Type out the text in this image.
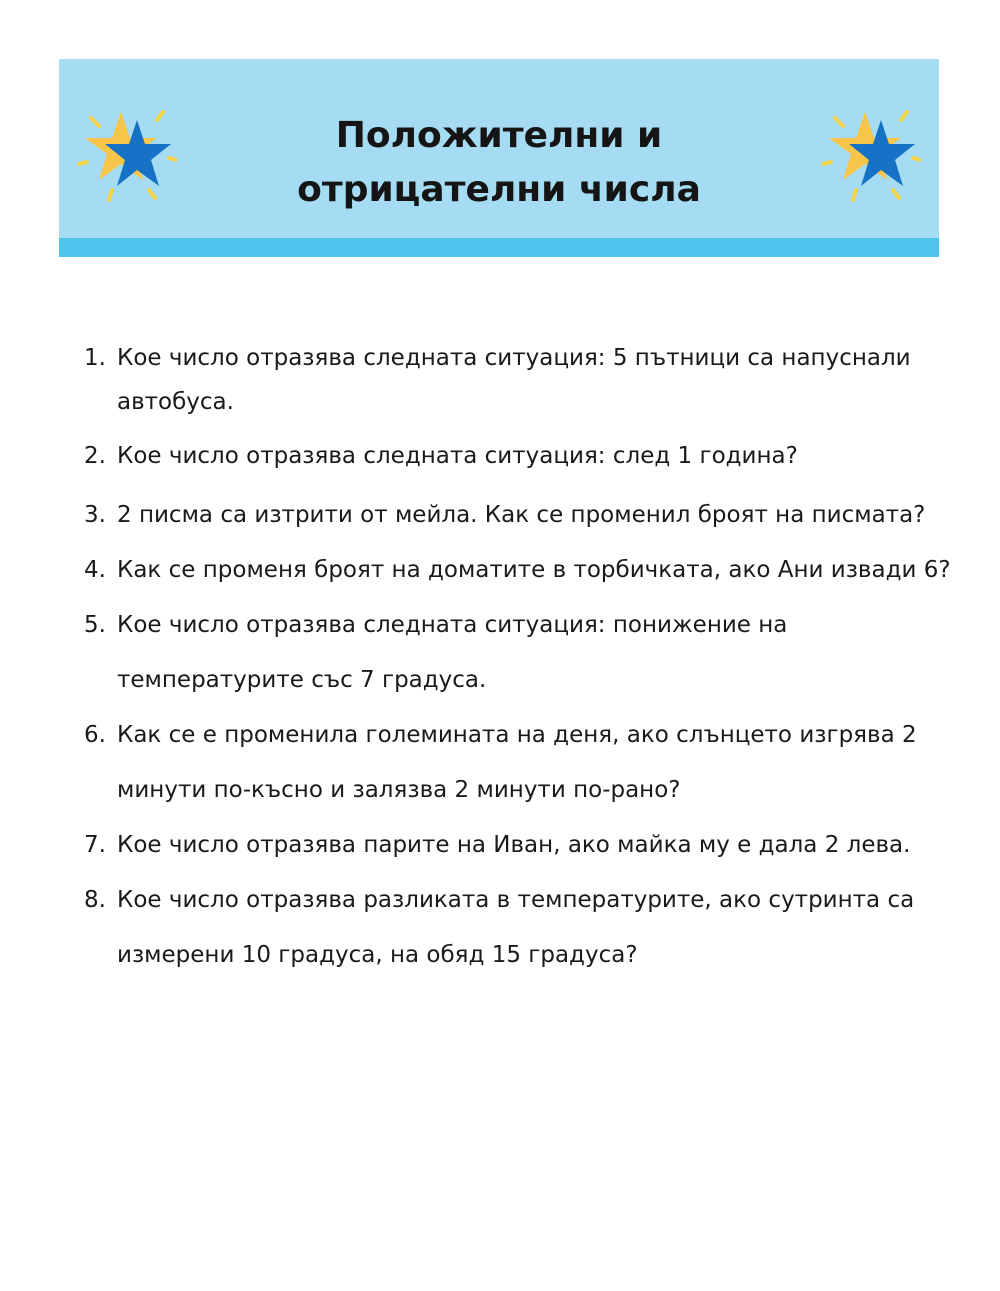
Положителни и
отрицателни числа
1. Кое число отразява следната ситуация: 5 пътници са напуснали автобуса.
2. Кое число отразява следната ситуация: след 1 година?
3. 2 писма са изтрити от мейла. Как се променил броят на писмата?
4. Как се променя броят на доматите в торбичката, ако Ани извади 6?
5. Кое число отразява следната ситуация: понижение на температурите със 7 градуса.
6. Как се е променила големината на деня, ако слънцето изгрява 2 минути по-късно и залязва 2 минути по-рано?
7. Кое число отразява парите на Иван, ако майка му е дала 2 лева.
8. Кое число отразява разликата в температурите, ако сутринта са измерени 10 градуса, на обяд 15 градуса?
